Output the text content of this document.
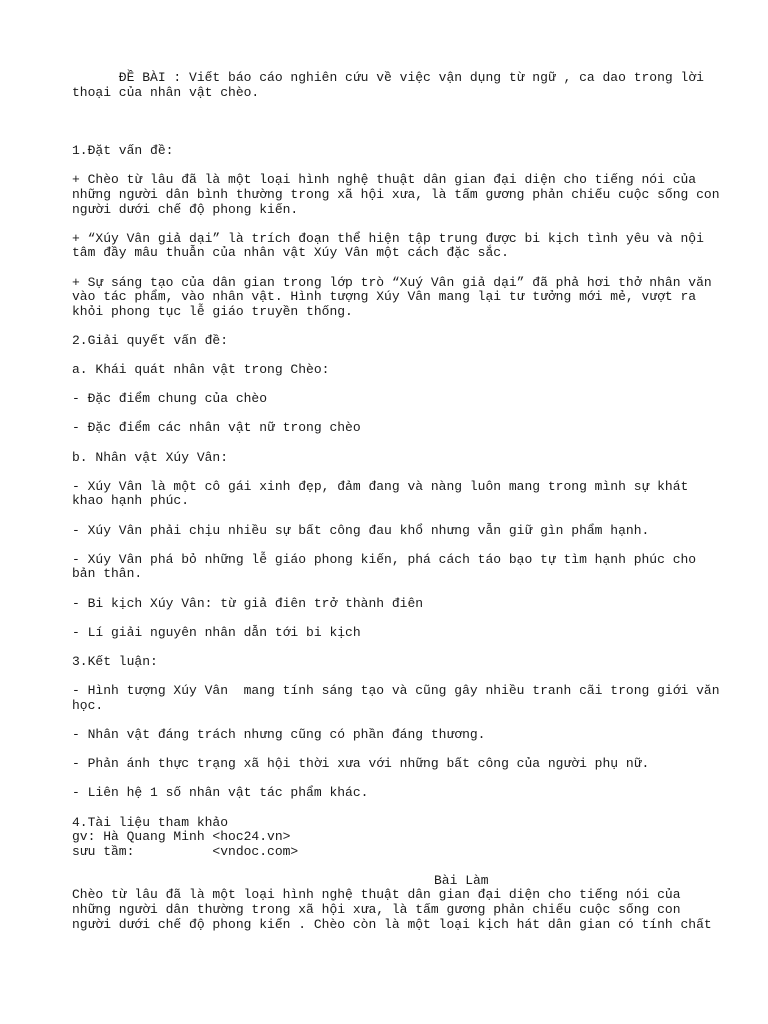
ĐỀ BÀI : Viết báo cáo nghiên cứu về việc vận dụng từ ngữ , ca dao trong lời
thoại của nhân vật chèo.
1.Đặt vấn đề:
+ Chèo từ lâu đã là một loại hình nghệ thuật dân gian đại diện cho tiếng nói của
những người dân bình thường trong xã hội xưa, là tấm gương phản chiếu cuộc sống con
người dưới chế độ phong kiến.
+ “Xúy Vân giả dại” là trích đoạn thể hiện tập trung được bi kịch tình yêu và nội
tâm đầy mâu thuẫn của nhân vật Xúy Vân một cách đặc sắc.
+ Sự sáng tạo của dân gian trong lớp trò “Xuý Vân giả dại” đã phả hơi thở nhân văn
vào tác phẩm, vào nhân vật. Hình tượng Xúy Vân mang lại tư tưởng mới mẻ, vượt ra
khỏi phong tục lễ giáo truyền thống.
2.Giải quyết vấn đề:
a. Khái quát nhân vật trong Chèo:
- Đặc điểm chung của chèo
- Đặc điểm các nhân vật nữ trong chèo
b. Nhân vật Xúy Vân:
- Xúy Vân là một cô gái xinh đẹp, đảm đang và nàng luôn mang trong mình sự khát
khao hạnh phúc.
- Xúy Vân phải chịu nhiều sự bất công đau khổ nhưng vẫn giữ gìn phẩm hạnh.
- Xúy Vân phá bỏ những lễ giáo phong kiến, phá cách táo bạo tự tìm hạnh phúc cho
bản thân.
- Bi kịch Xúy Vân: từ giả điên trở thành điên
- Lí giải nguyên nhân dẫn tới bi kịch
3.Kết luận:
- Hình tượng Xúy Vân  mang tính sáng tạo và cũng gây nhiều tranh cãi trong giới văn
học.
- Nhân vật đáng trách nhưng cũng có phần đáng thương.
- Phản ánh thực trạng xã hội thời xưa với những bất công của người phụ nữ.
- Liên hệ 1 số nhân vật tác phẩm khác.
4.Tài liệu tham khảo
gv: Hà Quang Minh <hoc24.vn>
sưu tầm:          <vndoc.com>
Bài Làm
Chèo từ lâu đã là một loại hình nghệ thuật dân gian đại diện cho tiếng nói của
những người dân thường trong xã hội xưa, là tấm gương phản chiếu cuộc sống con
người dưới chế độ phong kiến . Chèo còn là một loại kịch hát dân gian có tính chất
